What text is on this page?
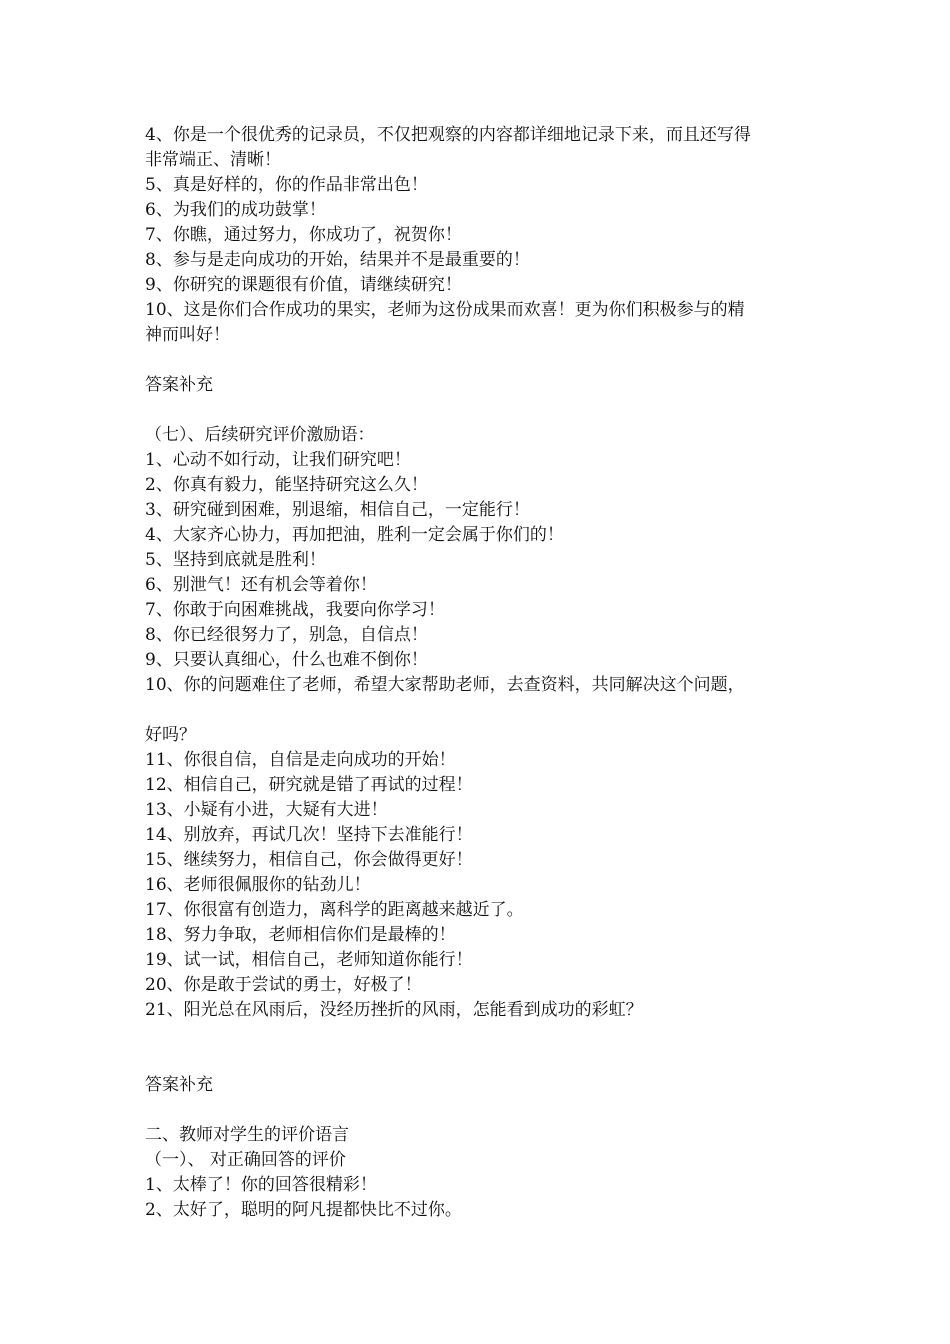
4、你是一个很优秀的记录员，不仅把观察的内容都详细地记录下来，而且还写得
非常端正、清晰！
5、真是好样的，你的作品非常出色！
6、为我们的成功鼓掌！
7、你瞧，通过努力，你成功了，祝贺你！
8、参与是走向成功的开始，结果并不是最重要的！
9、你研究的课题很有价值，请继续研究！
10、这是你们合作成功的果实，老师为这份成果而欢喜！更为你们积极参与的精
神而叫好！
答案补充
（七）、后续研究评价激励语：
1、心动不如行动，让我们研究吧！
2、你真有毅力，能坚持研究这么久！
3、研究碰到困难，别退缩，相信自己，一定能行！
4、大家齐心协力，再加把油，胜利一定会属于你们的！
5、坚持到底就是胜利！
6、别泄气！还有机会等着你！
7、你敢于向困难挑战，我要向你学习！
8、你已经很努力了，别急，自信点！
9、只要认真细心，什么也难不倒你！
10、你的问题难住了老师，希望大家帮助老师，去查资料，共同解决这个问题，
好吗？
11、你很自信，自信是走向成功的开始！
12、相信自己，研究就是错了再试的过程！
13、小疑有小进，大疑有大进！
14、别放弃，再试几次！坚持下去准能行！
15、继续努力，相信自己，你会做得更好！
16、老师很佩服你的钻劲儿！
17、你很富有创造力，离科学的距离越来越近了。
18、努力争取，老师相信你们是最棒的！
19、试一试，相信自己，老师知道你能行！
20、你是敢于尝试的勇士，好极了！
21、阳光总在风雨后，没经历挫折的风雨，怎能看到成功的彩虹？
答案补充
二、教师对学生的评价语言
（一）、 对正确回答的评价
1、太棒了！你的回答很精彩！
2、太好了，聪明的阿凡提都快比不过你。
